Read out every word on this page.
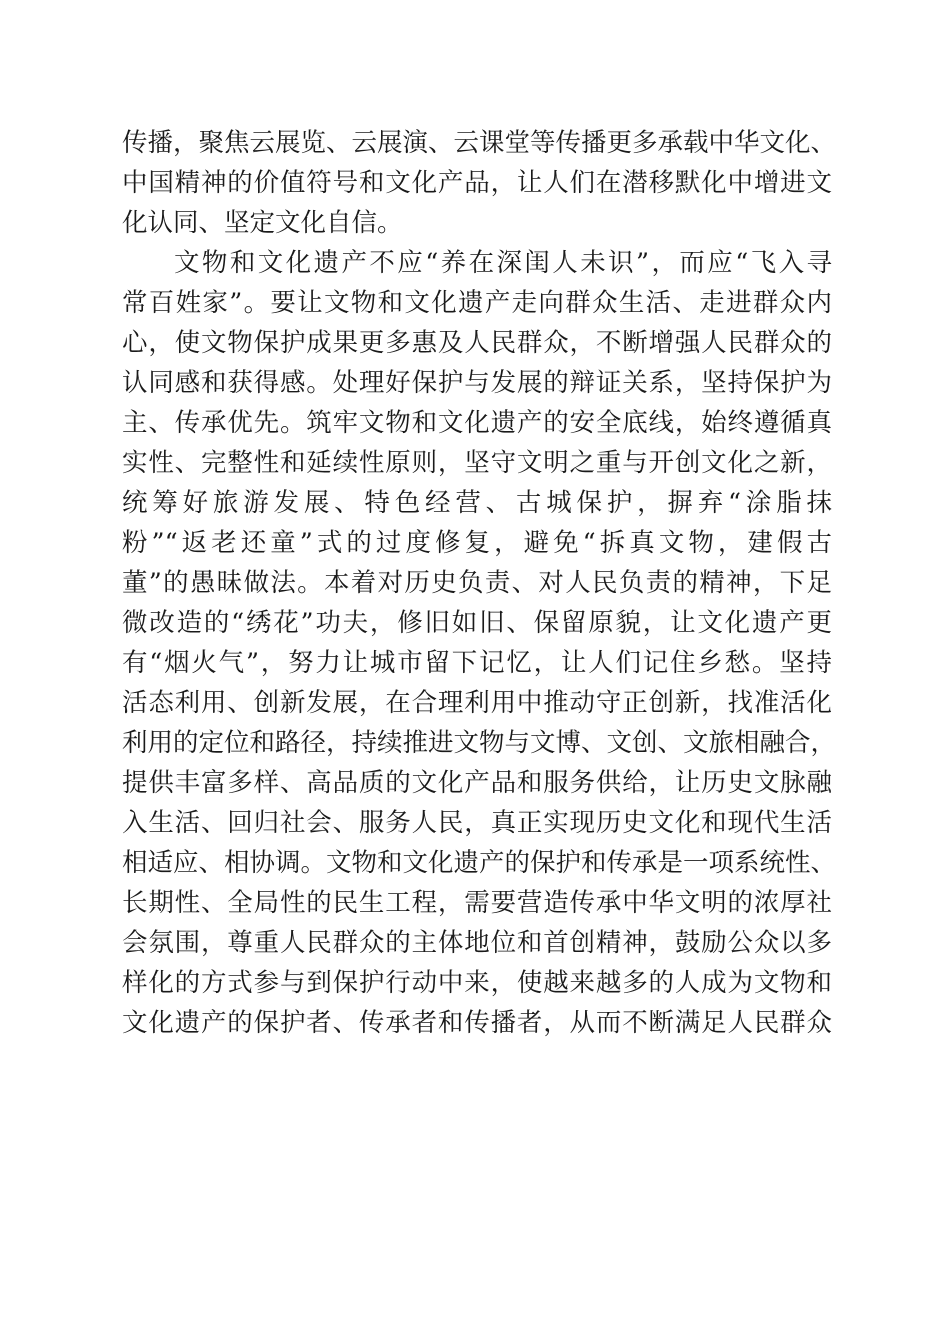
传播，聚焦云展览、云展演、云课堂等传播更多承载中华文化、
中国精神的价值符号和文化产品，让人们在潜移默化中增进文
化认同、坚定文化自信。
文物和文化遗产不应“养在深闺人未识”，而应“飞入寻
常百姓家”。要让文物和文化遗产走向群众生活、走进群众内
心，使文物保护成果更多惠及人民群众，不断增强人民群众的
认同感和获得感。处理好保护与发展的辩证关系，坚持保护为
主、传承优先。筑牢文物和文化遗产的安全底线，始终遵循真
实性、完整性和延续性原则，坚守文明之重与开创文化之新，
统筹好旅游发展、特色经营、古城保护，摒弃“涂脂抹
粉”“返老还童”式的过度修复，避免“拆真文物，建假古
董”的愚昧做法。本着对历史负责、对人民负责的精神，下足
微改造的“绣花”功夫，修旧如旧、保留原貌，让文化遗产更
有“烟火气”，努力让城市留下记忆，让人们记住乡愁。坚持
活态利用、创新发展，在合理利用中推动守正创新，找准活化
利用的定位和路径，持续推进文物与文博、文创、文旅相融合，
提供丰富多样、高品质的文化产品和服务供给，让历史文脉融
入生活、回归社会、服务人民，真正实现历史文化和现代生活
相适应、相协调。文物和文化遗产的保护和传承是一项系统性、
长期性、全局性的民生工程，需要营造传承中华文明的浓厚社
会氛围，尊重人民群众的主体地位和首创精神，鼓励公众以多
样化的方式参与到保护行动中来，使越来越多的人成为文物和
文化遗产的保护者、传承者和传播者，从而不断满足人民群众
